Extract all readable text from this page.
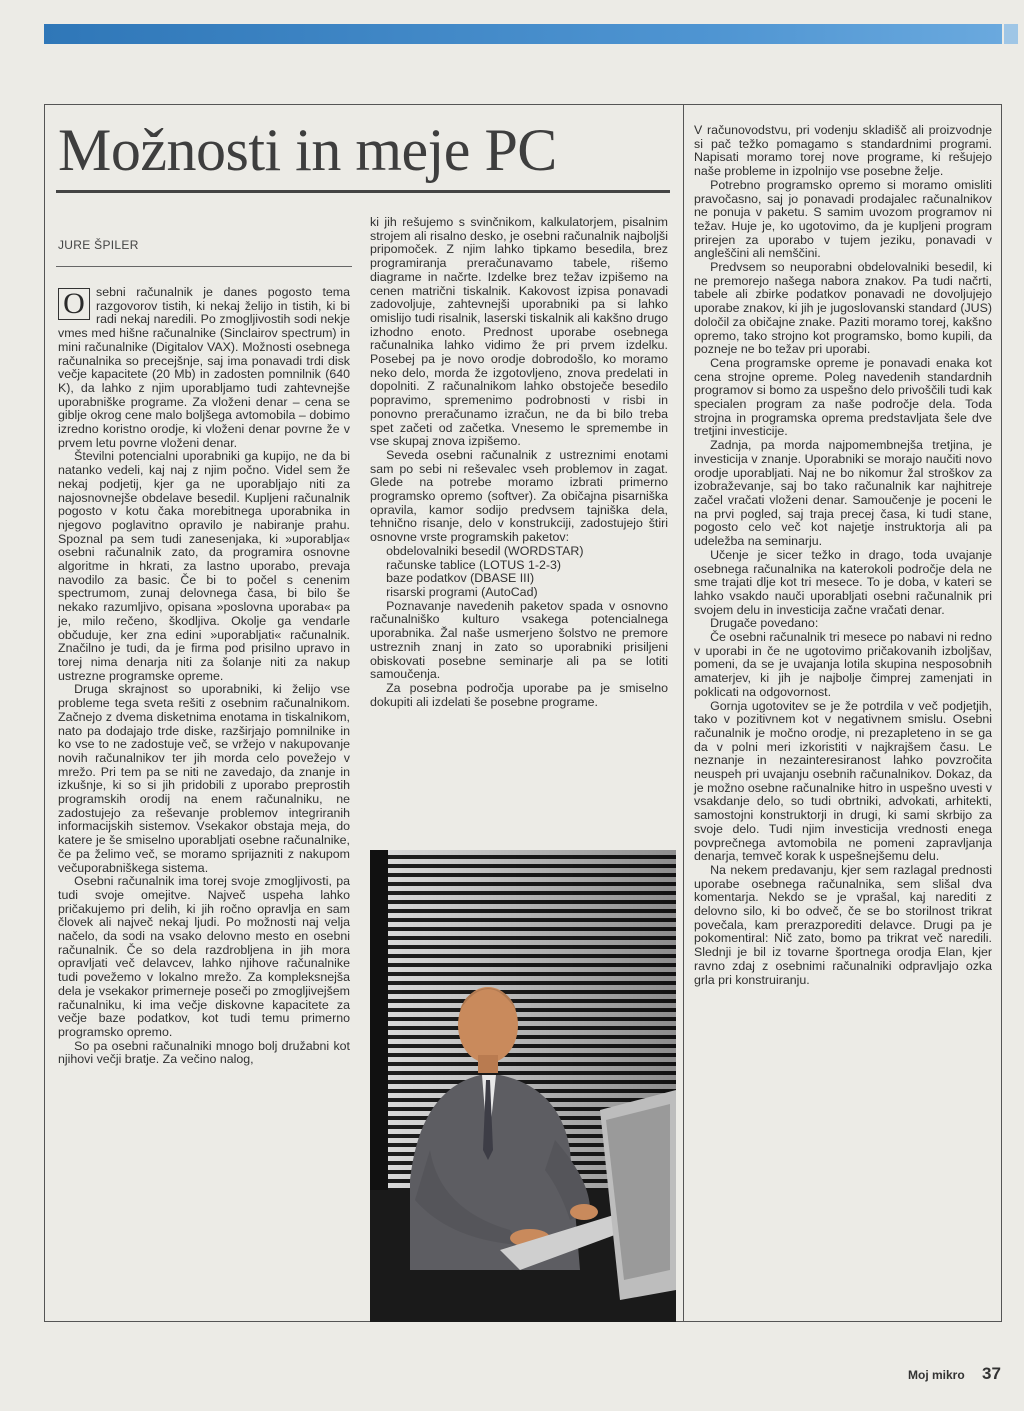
Možnosti in meje PC
JURE ŠPILER

O sebni računalnik je danes pogosto tema razgovorov tistih, ki nekaj želijo in tistih, ki bi radi nekaj naredili. Po zmogljivostih sodi nekje vmes med hišne računalnike (Sinclairov spectrum) in mini računalnike (Digitalov VAX). Možnosti osebnega računalnika so precejšnje, saj ima ponavadi trdi disk večje kapacitete (20 Mb) in zadosten pomnilnik (640 K), da lahko z njim uporabljamo tudi zahtevnejše uporabniške programe. Za vloženi denar – cena se giblje okrog cene malo boljšega avtomobila – dobimo izredno koristno orodje, ki vloženi denar povrne že v prvem letu povrne vloženi denar.

Številni potencialni uporabniki ga kupijo, ne da bi natanko vedeli, kaj naj z njim počno. Videl sem že nekaj podjetij, kjer ga ne uporabljajo niti za najosnovnejše obdelave besedil. Kupljeni računalnik pogosto v kotu čaka morebitnega uporabnika in njegovo poglavitno opravilo je nabiranje prahu. Spoznal pa sem tudi zanesenjaka, ki »uporablja« osebni računalnik zato, da programira osnovne algoritme in hkrati, za lastno uporabo, prevaja navodilo za basic. Če bi to počel s cenenim spectrumom, zunaj delovnega časa, bi bilo še nekako razumljivo, opisana »poslovna uporaba« pa je, milo rečeno, škodljiva. Okolje ga vendarle občuduje, ker zna edini »uporabljati« računalnik. Značilno je tudi, da je firma pod prisilno upravo in torej nima denarja niti za šolanje niti za nakup ustrezne programske opreme.

Druga skrajnost so uporabniki, ki želijo vse probleme tega sveta rešiti z osebnim računalnikom. Začnejo z dvema disketnima enotama in tiskalnikom, nato pa dodajajo trde diske, razširjajo pomnilnike in ko vse to ne zadostuje več, se vržejo v nakupovanje novih računalnikov ter jih morda celo povežejo v mrežo. Pri tem pa se niti ne zavedajo, da znanje in izkušnje, ki so si jih pridobili z uporabo preprostih programskih orodij na enem računalniku, ne zadostujejo za reševanje problemov integriranih informacijskih sistemov. Vsekakor obstaja meja, do katere je še smiselno uporabljati osebne računalnike, če pa želimo več, se moramo sprijazniti z nakupom večuporabniškega sistema.

Osebni računalnik ima torej svoje zmogljivosti, pa tudi svoje omejitve. Največ uspeha lahko pričakujemo pri delih, ki jih ročno opravlja en sam človek ali največ nekaj ljudi. Po možnosti naj velja načelo, da sodi na vsako delovno mesto en osebni računalnik. Če so dela razdrobljena in jih mora opravljati več delavcev, lahko njihove računalnike tudi povežemo v lokalno mrežo. Za kompleksnejša dela je vsekakor primerneje poseči po zmogljivejšem računalniku, ki ima večje diskovne kapacitete za večje baze podatkov, kot tudi temu primerno programsko opremo.

So pa osebni računalniki mnogo bolj družabni kot njihovi večji bratje. Za večino nalog,

ki jih rešujemo s svinčnikom, kalkulatorjem, pisalnim strojem ali risalno desko, je osebni računalnik najboljši pripomoček. Z njim lahko tipkamo besedila, brez programiranja preračunavamo tabele, rišemo diagrame in načrte. Izdelke brez težav izpišemo na cenen matrični tiskalnik. Kakovost izpisa ponavadi zadovoljuje, zahtevnejši uporabniki pa si lahko omislijo tudi risalnik, laserski tiskalnik ali kakšno drugo izhodno enoto. Prednost uporabe osebnega računalnika lahko vidimo že pri prvem izdelku. Posebej pa je novo orodje dobrodošlo, ko moramo neko delo, morda že izgotovljeno, znova predelati in dopolniti. Z računalnikom lahko obstoječe besedilo popravimo, spremenimo podrobnosti v risbi in ponovno preračunamo izračun, ne da bi bilo treba spet začeti od začetka. Vnesemo le spremembe in vse skupaj znova izpišemo.

Seveda osebni računalnik z ustreznimi enotami sam po sebi ni reševalec vseh problemov in zagat. Glede na potrebe moramo izbrati primerno programsko opremo (softver). Za običajna pisarniška opravila, kamor sodijo predvsem tajniška dela, tehnično risanje, delo v konstrukciji, zadostujejo štiri osnovne vrste programskih paketov:

obdelovalniki besedil (WORDSTAR)

računske tablice (LOTUS 1-2-3)

baze podatkov (DBASE III)

risarski programi (AutoCad)

Poznavanje navedenih paketov spada v osnovno računalniško kulturo vsakega potencialnega uporabnika. Žal naše usmerjeno šolstvo ne premore ustreznih znanj in zato so uporabniki prisiljeni obiskovati posebne seminarje ali pa se lotiti samoučenja.

Za posebna področja uporabe pa je smiselno dokupiti ali izdelati še posebne programe.

V računovodstvu, pri vodenju skladišč ali proizvodnje si pač težko pomagamo s standardnimi programi. Napisati moramo torej nove programe, ki rešujejo naše probleme in izpolnijo vse posebne želje.

Potrebno programsko opremo si moramo omisliti pravočasno, saj jo ponavadi prodajalec računalnikov ne ponuja v paketu. S samim uvozom programov ni težav. Huje je, ko ugotovimo, da je kupljeni program prirejen za uporabo v tujem jeziku, ponavadi v angleščini ali nemščini.

Predvsem so neuporabni obdelovalniki besedil, ki ne premorejo našega nabora znakov. Pa tudi načrti, tabele ali zbirke podatkov ponavadi ne dovoljujejo uporabe znakov, ki jih je jugoslovanski standard (JUS) določil za običajne znake. Paziti moramo torej, kakšno opremo, tako strojno kot programsko, bomo kupili, da pozneje ne bo težav pri uporabi.

Cena programske opreme je ponavadi enaka kot cena strojne opreme. Poleg navedenih standardnih programov si bomo za uspešno delo privoščili tudi kak specialen program za naše področje dela. Toda strojna in programska oprema predstavljata šele dve tretjini investicije.

Zadnja, pa morda najpomembnejša tretjina, je investicija v znanje. Uporabniki se morajo naučiti novo orodje uporabljati. Naj ne bo nikomur žal stroškov za izobraževanje, saj bo tako računalnik kar najhitreje začel vračati vloženi denar. Samoučenje je poceni le na prvi pogled, saj traja precej časa, ki tudi stane, pogosto celo več kot najetje instruktorja ali pa udeležba na seminarju.

Učenje je sicer težko in drago, toda uvajanje osebnega računalnika na katerokoli področje dela ne sme trajati dlje kot tri mesece. To je doba, v kateri se lahko vsakdo nauči uporabljati osebni računalnik pri svojem delu in investicija začne vračati denar.

Drugače povedano:

Če osebni računalnik tri mesece po nabavi ni redno v uporabi in če ne ugotovimo pričakovanih izboljšav, pomeni, da se je uvajanja lotila skupina nesposobnih amaterjev, ki jih je najbolje čimprej zamenjati in poklicati na odgovornost.

Gornja ugotovitev se je že potrdila v več podjetjih, tako v pozitivnem kot v negativnem smislu. Osebni računalnik je močno orodje, ni prezapleteno in se ga da v polni meri izkoristiti v najkrajšem času. Le neznanje in nezainteresiranost lahko povzročita neuspeh pri uvajanju osebnih računalnikov. Dokaz, da je možno osebne računalnike hitro in uspešno uvesti v vsakdanje delo, so tudi obrtniki, advokati, arhitekti, samostojni konstruktorji in drugi, ki sami skrbijo za svoje delo. Tudi njim investicija vrednosti enega povprečnega avtomobila ne pomeni zapravljanja denarja, temveč korak k uspešnejšemu delu.

Na nekem predavanju, kjer sem razlagal prednosti uporabe osebnega računalnika, sem slišal dva komentarja. Nekdo se je vprašal, kaj narediti z delovno silo, ki bo odveč, če se bo storilnost trikrat povečala, kam prerazporediti delavce. Drugi pa je pokomentiral: Nič zato, bomo pa trikrat več naredili. Slednji je bil iz tovarne športnega orodja Elan, kjer ravno zdaj z osebnimi računalniki odpravljajo ozka grla pri konstruiranju.

Moj mikro 37
